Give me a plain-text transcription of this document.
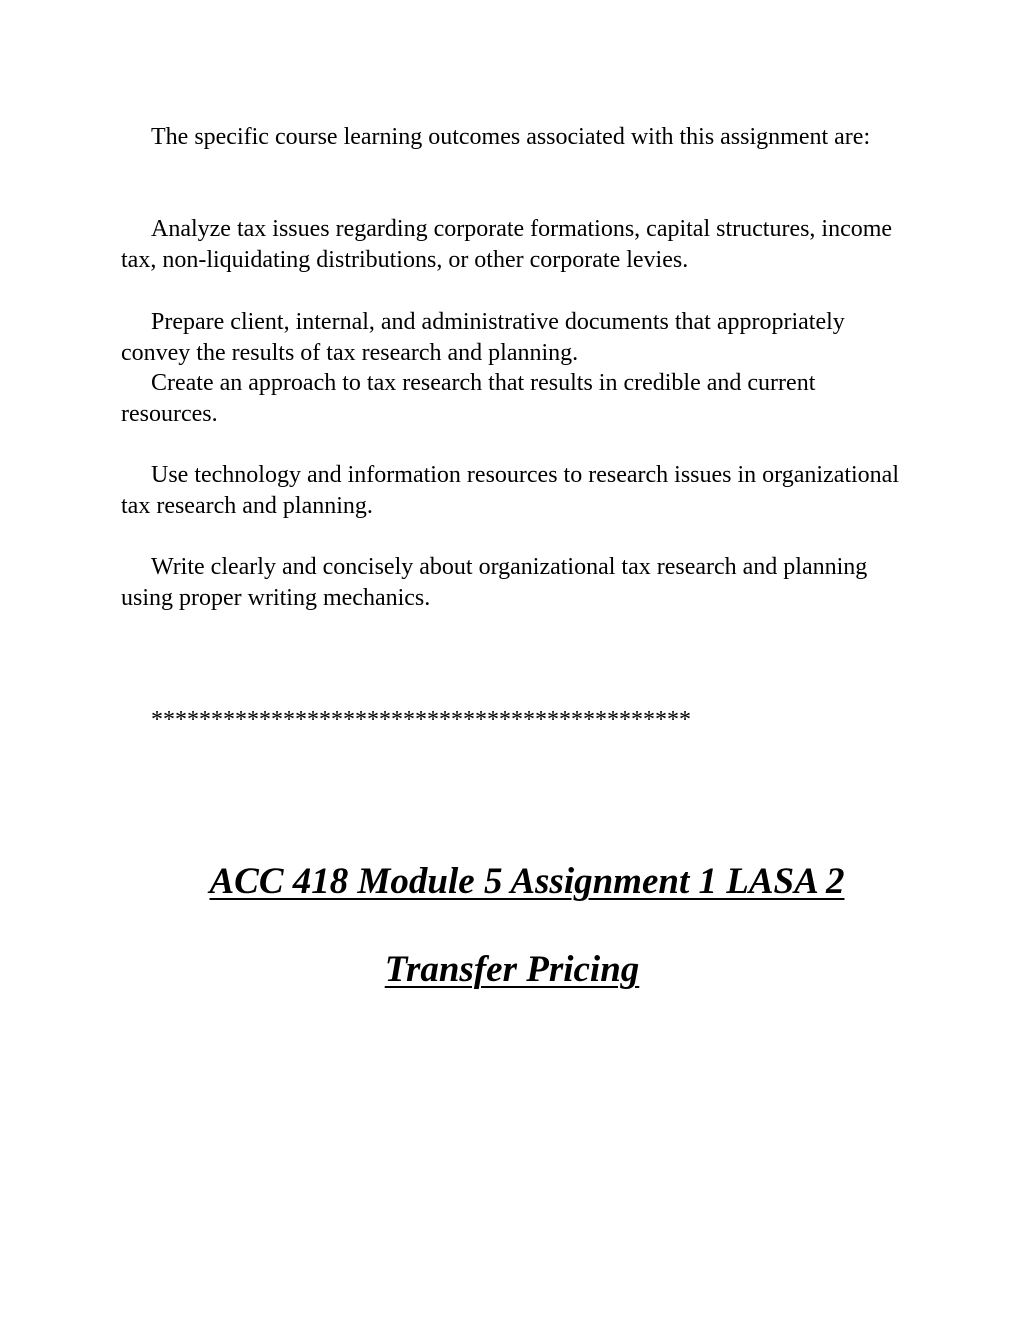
The specific course learning outcomes associated with this assignment are:

Analyze tax issues regarding corporate formations, capital structures, income tax, non-liquidating distributions, or other corporate levies.

Prepare client, internal, and administrative documents that appropriately convey the results of tax research and planning.

Create an approach to tax research that results in credible and current resources.

Use technology and information resources to research issues in organizational tax research and planning.

Write clearly and concisely about organizational tax research and planning using proper writing mechanics.

*********************************************

ACC 418 Module 5 Assignment 1 LASA 2
Transfer Pricing
